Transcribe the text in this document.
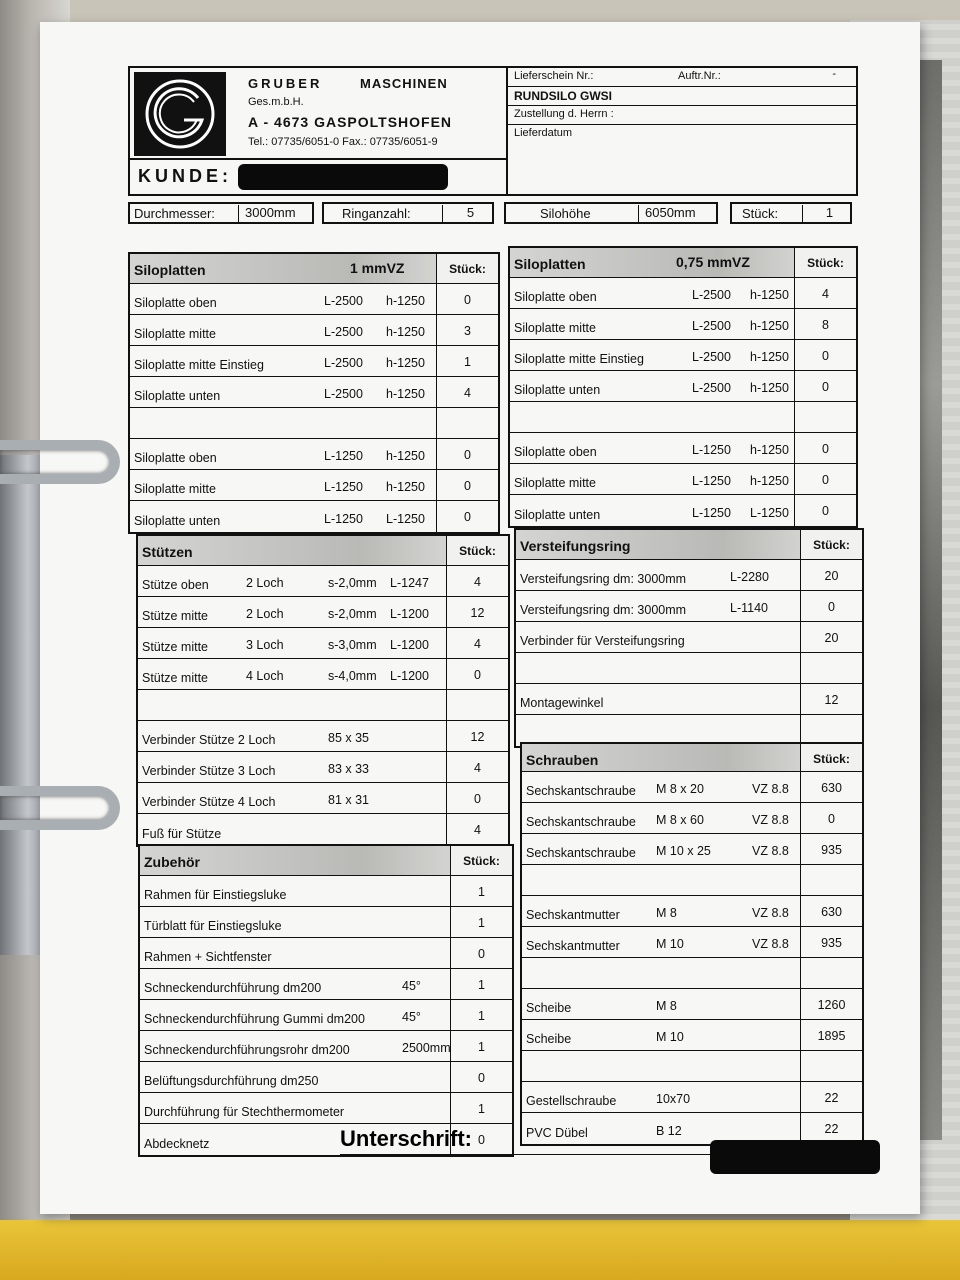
GRUBER	MASCHINEN
Ges.m.b.H.
A - 4673 GASPOLTSHOFEN
Tel.: 07735/6051-0 Fax.: 07735/6051-9
KUNDE:
Lieferschein Nr.:	Auftr.Nr.:	-
RUNDSILO GWSI
Zustellung d. Herrn :
Lieferdatum
Durchmesser:	3000mm	Ringanzahl:	5	Silohöhe	6050mm	Stück:	1
Siloplatten	1 mmVZ	Stück:
Siloplatte oben	L-2500 h-1250	0
Siloplatte mitte	L-2500 h-1250	3
Siloplatte mitte Einstieg	L-2500 h-1250	1
Siloplatte unten	L-2500 h-1250	4
Siloplatte oben	L-1250 h-1250	0
Siloplatte mitte	L-1250 h-1250	0
Siloplatte unten	L-1250 L-1250	0
Siloplatten	0,75 mmVZ	Stück:
Siloplatte oben	L-2500 h-1250	4
Siloplatte mitte	L-2500 h-1250	8
Siloplatte mitte Einstieg	L-2500 h-1250	0
Siloplatte unten	L-2500 h-1250	0
Siloplatte oben	L-1250 h-1250	0
Siloplatte mitte	L-1250 h-1250	0
Siloplatte unten	L-1250 L-1250	0
Stützen	Stück:
Stütze oben	2 Loch	s-2,0mm L-1247	4
Stütze mitte	2 Loch	s-2,0mm L-1200	12
Stütze mitte	3 Loch	s-3,0mm L-1200	4
Stütze mitte	4 Loch	s-4,0mm L-1200	0
Verbinder Stütze 2 Loch	85 x 35	12
Verbinder Stütze 3 Loch	83 x 33	4
Verbinder Stütze 4 Loch	81 x 31	0
Fuß für Stütze	4
Zubehör	Stück:
Rahmen für Einstiegsluke	1
Türblatt für Einstiegsluke	1
Rahmen + Sichtfenster	0
Schneckendurchführung dm200	45°	1
Schneckendurchführung Gummi dm200	45°	1
Schneckendurchführungsrohr dm200	2500mm	1
Belüftungsdurchführung dm250	0
Durchführung für Stechthermometer	1
Abdecknetz	0
Versteifungsring	Stück:
Versteifungsring dm: 3000mm	L-2280	20
Versteifungsring dm: 3000mm	L-1140	0
Verbinder für Versteifungsring	20
Montagewinkel	12
Schrauben	Stück:
Sechskantschraube M 8 x 20	VZ 8.8	630
Sechskantschraube M 8 x 60	VZ 8.8	0
Sechskantschraube M 10 x 25	VZ 8.8	935
Sechskantmutter	M 8	VZ 8.8	630
Sechskantmutter	M 10	VZ 8.8	935
Scheibe	M 8	1260
Scheibe	M 10	1895
Gestellschraube	10x70	22
PVC Dübel	B 12	22
Unterschrift:
